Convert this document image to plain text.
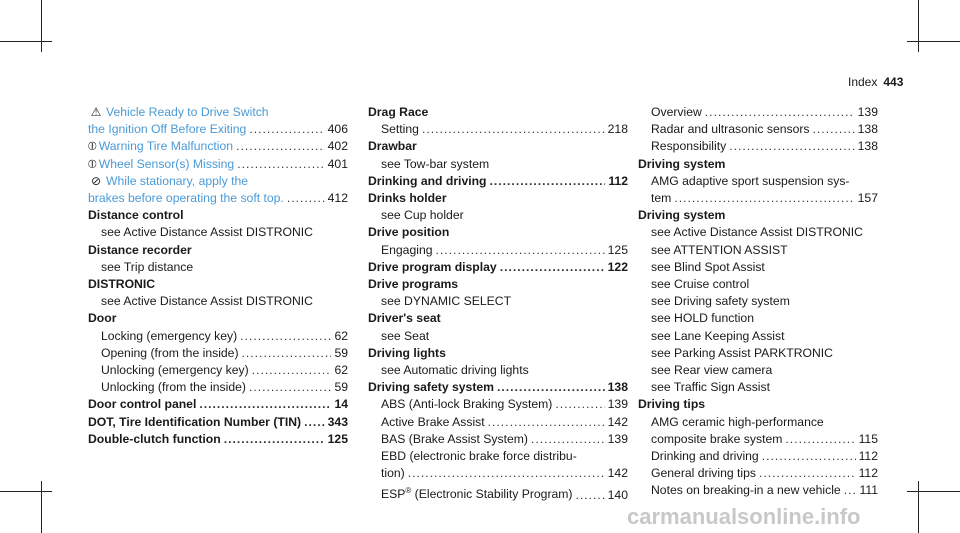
Index 443
⚠ Vehicle Ready to Drive Switch
the Ignition Off Before Exiting .....	406
⦶ Warning Tire Malfunction .....	402
⦶ Wheel Sensor(s) Missing .....	401
⊘ While stationary, apply the
brakes before operating the soft top. .....	412
Distance control
see Active Distance Assist DISTRONIC
Distance recorder
see Trip distance
DISTRONIC
see Active Distance Assist DISTRONIC
Door
Locking (emergency key) .....	62
Opening (from the inside) .....	59
Unlocking (emergency key) .....	62
Unlocking (from the inside) .....	59
Door control panel .....	14
DOT, Tire Identification Number (TIN) ..... 343
Double-clutch function .....	125
Drag Race
Setting .....	218
Drawbar
see Tow-bar system
Drinking and driving .....	112
Drinks holder
see Cup holder
Drive position
Engaging .....	125
Drive program display .....	122
Drive programs
see DYNAMIC SELECT
Driver's seat
see Seat
Driving lights
see Automatic driving lights
Driving safety system .....	138
ABS (Anti-lock Braking System) .....	139
Active Brake Assist .....	142
BAS (Brake Assist System) .....	139
EBD (electronic brake force distribu-
tion) .....	142
ESP® (Electronic Stability Program) .....	140
Overview .....	139
Radar and ultrasonic sensors .....	138
Responsibility .....	138
Driving system
AMG adaptive sport suspension sys-
tem .....	157
Driving system
see Active Distance Assist DISTRONIC
see ATTENTION ASSIST
see Blind Spot Assist
see Cruise control
see Driving safety system
see HOLD function
see Lane Keeping Assist
see Parking Assist PARKTRONIC
see Rear view camera
see Traffic Sign Assist
Driving tips
AMG ceramic high-performance
composite brake system .....	115
Drinking and driving .....	112
General driving tips .....	112
Notes on breaking-in a new vehicle ..... 111
carmanualsonline.info
